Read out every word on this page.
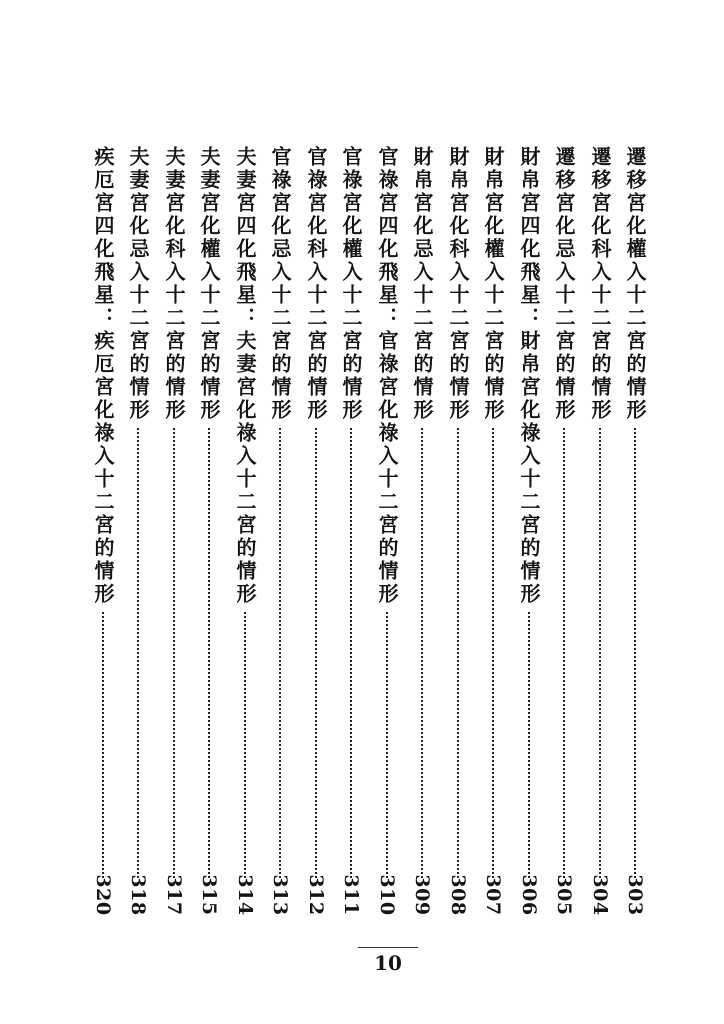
遷移宮化權入十二宮的情形
303
遷移宮化科入十二宮的情形
304
遷移宮化忌入十二宮的情形
305
財帛宮四化飛星：財帛宮化祿入十二宮的情形
306
財帛宮化權入十二宮的情形
307
財帛宮化科入十二宮的情形
308
財帛宮化忌入十二宮的情形
309
官祿宮四化飛星：官祿宮化祿入十二宮的情形
310
官祿宮化權入十二宮的情形
311
官祿宮化科入十二宮的情形
312
官祿宮化忌入十二宮的情形
313
夫妻宮四化飛星：夫妻宮化祿入十二宮的情形
314
夫妻宮化權入十二宮的情形
315
夫妻宮化科入十二宮的情形
317
夫妻宮化忌入十二宮的情形
318
疾厄宮四化飛星：疾厄宮化祿入十二宮的情形
320
10
